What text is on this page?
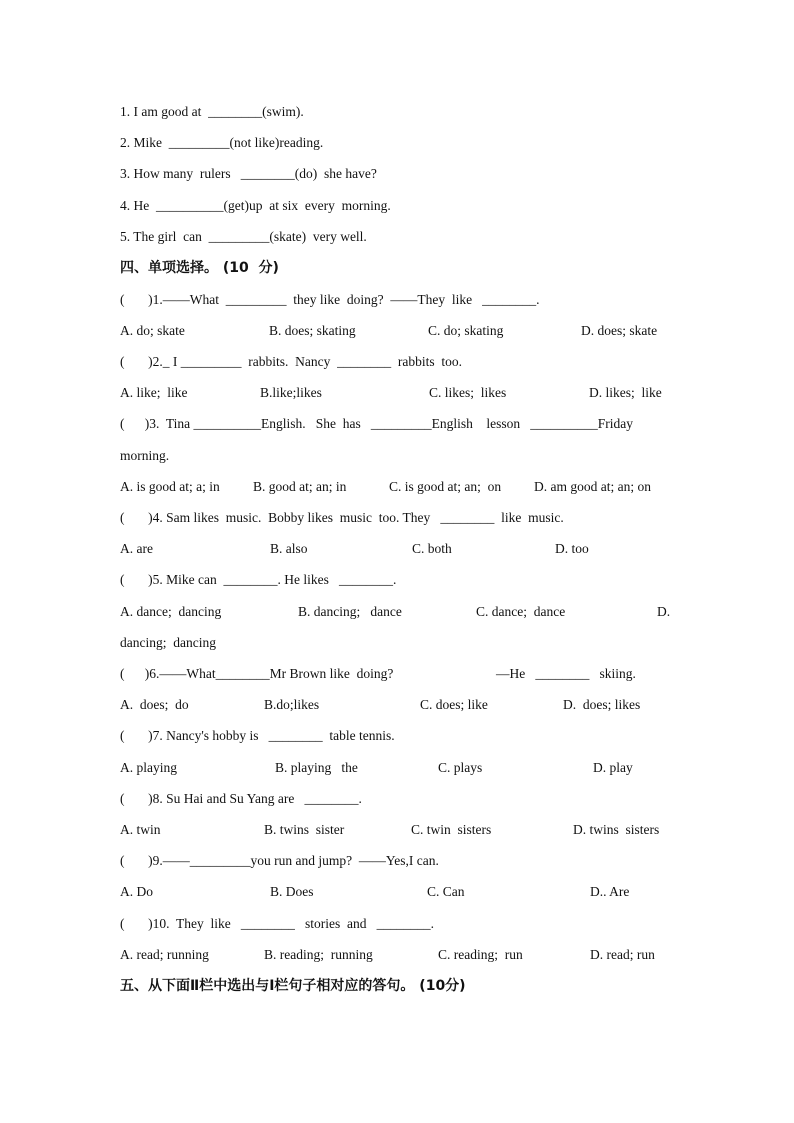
1. I am good at  ________(swim).
2. Mike  _________(not like)reading.
3. How many  rulers   ________(do)  she have?
4. He  __________(get)up  at six  every  morning.
5. The girl  can  _________(skate)  very well.
四、单项选择。 (10  分)
(       )1.——What  _________  they like  doing?  ——They  like   ________.
A. do; skate	B. does; skating	C. do; skating	D. does; skate
(       )2._ I _________  rabbits.  Nancy  ________  rabbits  too.
A. like;  like	B.like;likes	C. likes;  likes	D. likes;  like
(      )3.  Tina __________English.   She  has   _________English    lesson   __________Friday
morning.
A. is good at; a; in B. good at; an; in	C. is good at; an;  on D. am good at; an; on
(       )4. Sam likes  music.  Bobby likes  music  too. They   ________  like  music.
A. are	B. also	C. both	D. too
(       )5. Mike can  ________. He likes   ________.
A. dance;  dancing	B. dancing;   dance	C. dance;  dance	D.
dancing;  dancing
(      )6.——What________Mr Brown like  doing?	—He   ________   skiing.
A.  does;  do	B.do;likes	C. does; like	D.  does; likes
(       )7. Nancy's hobby is   ________  table tennis.
A. playing	B. playing   the	C. plays	D. play
(       )8. Su Hai and Su Yang are   ________.
A. twin	B. twins  sister	C. twin  sisters	D. twins  sisters
(       )9.——_________you run and jump?  ——Yes,I can.
A. Do	B. Does	C. Can	D.. Are
(       )10.  They  like   ________   stories  and   ________.
A. read; running	B. reading;  running	C. reading;  run	D. read; run
五、从下面Ⅱ栏中选出与Ⅰ栏句子相对应的答句。 (10分)
